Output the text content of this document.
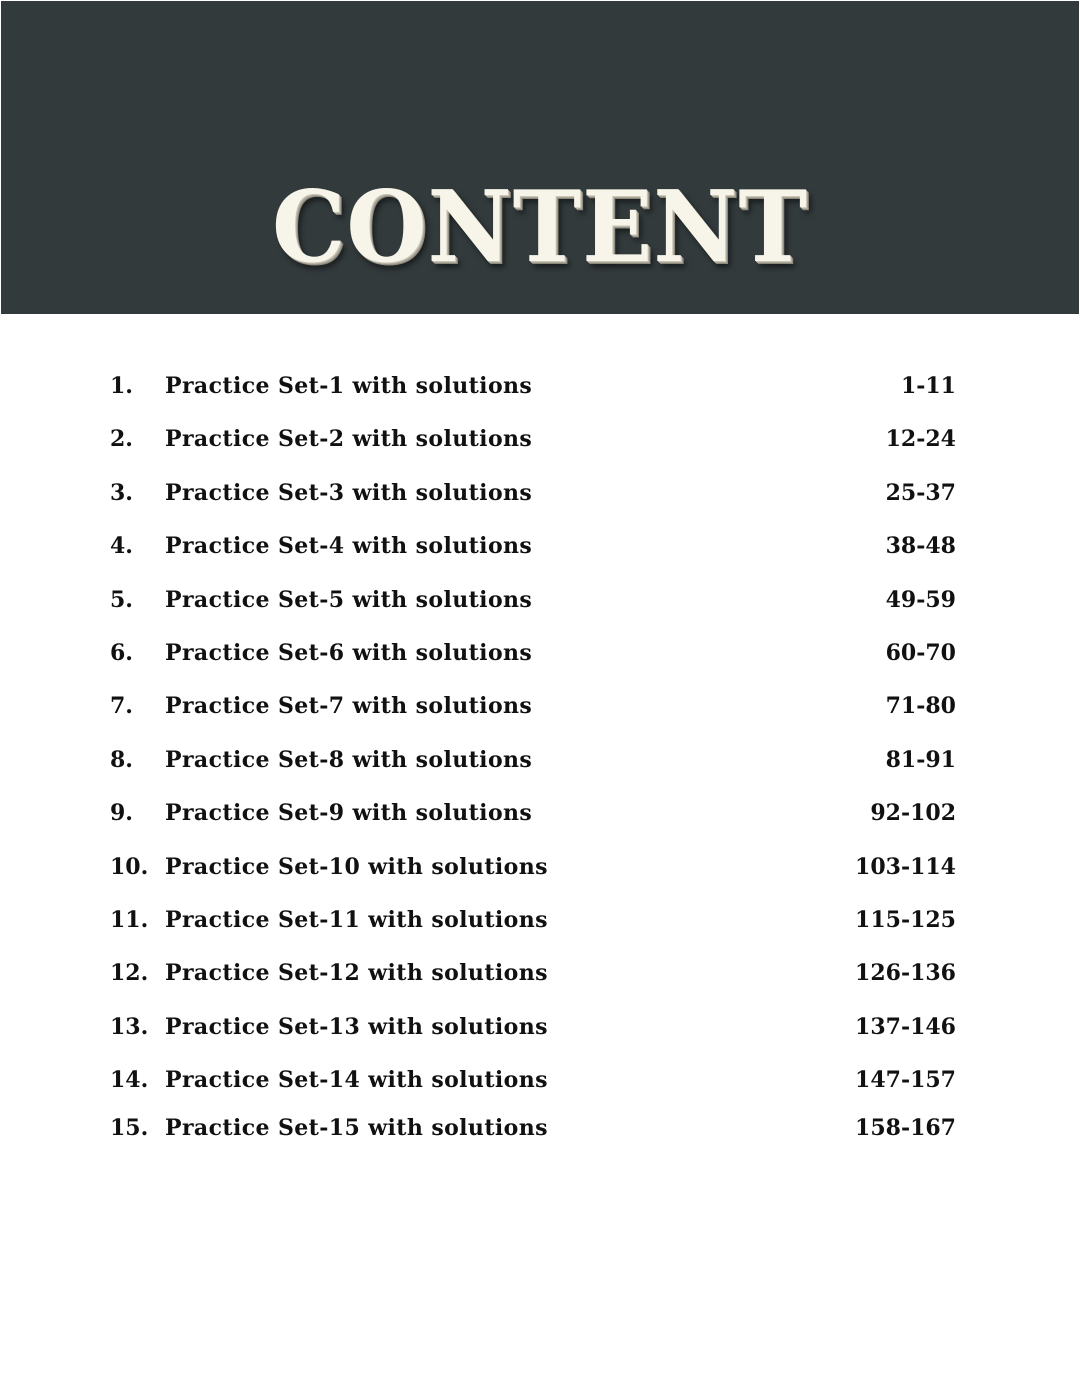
CONTENT
1. Practice Set-1 with solutions	1-11
2. Practice Set-2 with solutions	12-24
3. Practice Set-3 with solutions	25-37
4. Practice Set-4 with solutions	38-48
5. Practice Set-5 with solutions	49-59
6. Practice Set-6 with solutions	60-70
7. Practice Set-7 with solutions	71-80
8. Practice Set-8 with solutions	81-91
9. Practice Set-9 with solutions	92-102
10. Practice Set-10 with solutions	103-114
11. Practice Set-11 with solutions	115-125
12. Practice Set-12 with solutions	126-136
13. Practice Set-13 with solutions	137-146
14. Practice Set-14 with solutions	147-157
15. Practice Set-15 with solutions	158-167
